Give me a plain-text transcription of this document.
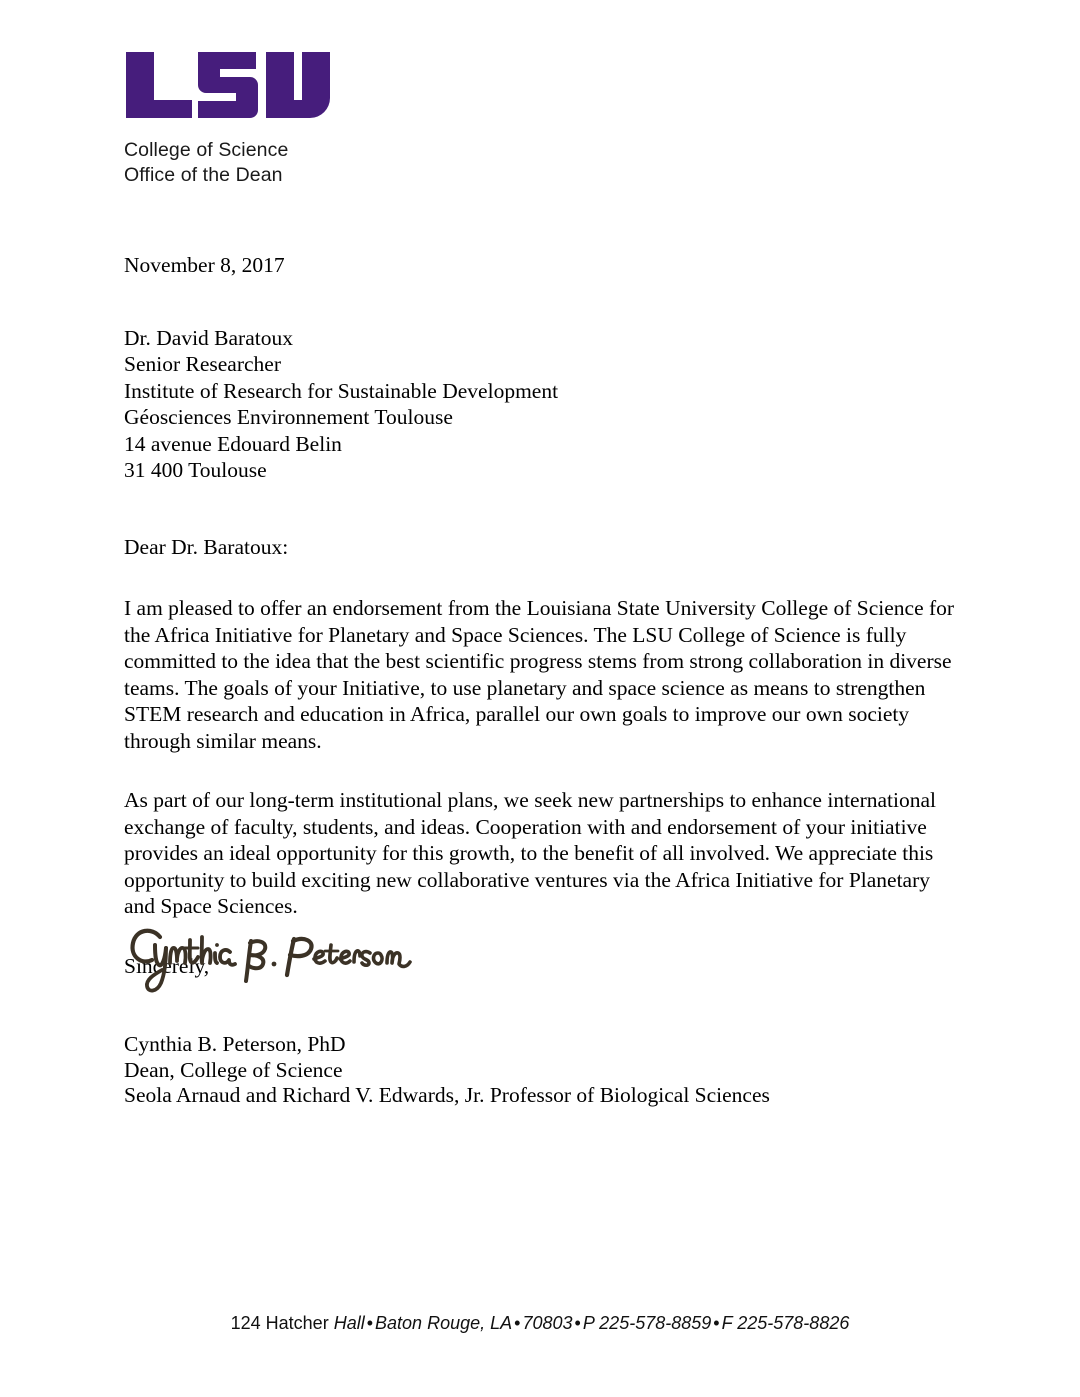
College of Science
Office of the Dean
November 8, 2017
Dr. David Baratoux
Senior Researcher
Institute of Research for Sustainable Development
Géosciences Environnement Toulouse
14 avenue Edouard Belin
31 400 Toulouse
Dear Dr. Baratoux:

I am pleased to offer an endorsement from the Louisiana State University College of Science for the Africa Initiative for Planetary and Space Sciences. The LSU College of Science is fully committed to the idea that the best scientific progress stems from strong collaboration in diverse teams. The goals of your Initiative, to use planetary and space science as means to strengthen STEM research and education in Africa, parallel our own goals to improve our own society through similar means.

As part of our long-term institutional plans, we seek new partnerships to enhance international exchange of faculty, students, and ideas. Cooperation with and endorsement of your initiative provides an ideal opportunity for this growth, to the benefit of all involved. We appreciate this opportunity to build exciting new collaborative ventures via the Africa Initiative for Planetary and Space Sciences.

Sincerely,
Cynthia B. Peterson, PhD
Dean, College of Science
Seola Arnaud and Richard V. Edwards, Jr. Professor of Biological Sciences
124 Hatcher Hall • Baton Rouge, LA • 70803 • P 225-578-8859 • F 225-578-8826
